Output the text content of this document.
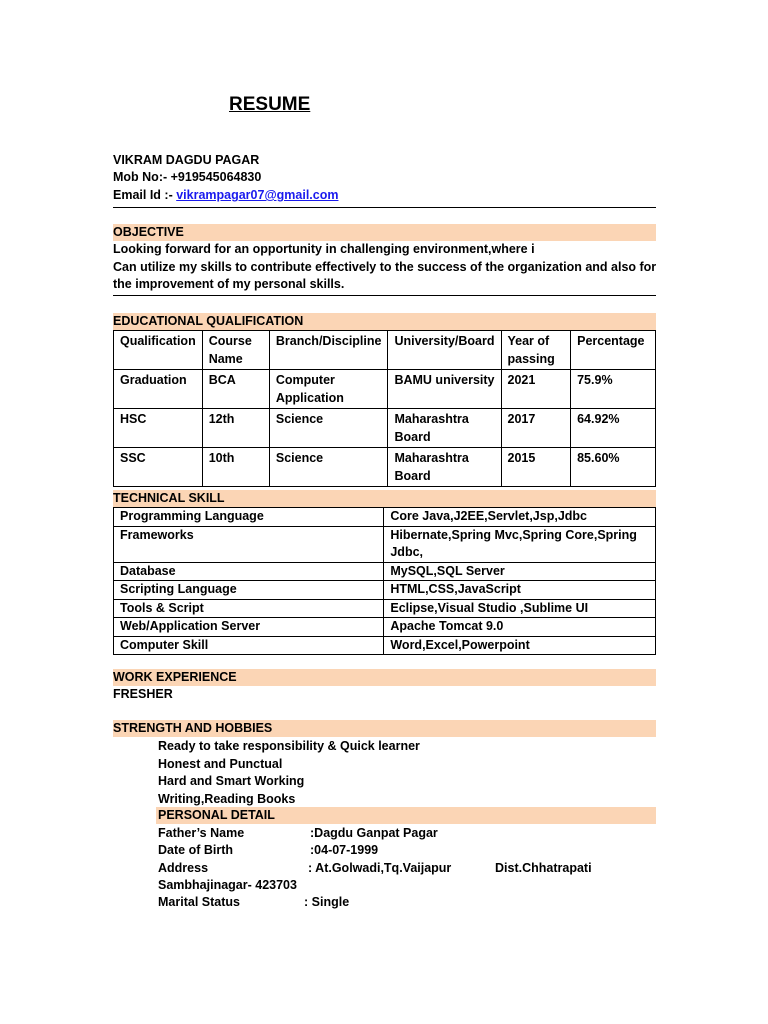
RESUME
VIKRAM DAGDU PAGAR
Mob No:- +919545064830
Email Id :- vikrampagar07@gmail.com
OBJECTIVE
Looking forward for an opportunity in challenging environment,where i
Can utilize my skills to contribute effectively to the success of the organization and also for
the improvement of my personal skills.
EDUCATIONAL QUALIFICATION
Qualification	Course Name	Branch/Discipline	University/Board	Year of passing	Percentage
Graduation	BCA	Computer Application	BAMU university	2021	75.9%
HSC	12th	Science	Maharashtra Board	2017	64.92%
SSC	10th	Science	Maharashtra Board	2015	85.60%
TECHNICAL SKILL
Programming Language	Core Java,J2EE,Servlet,Jsp,Jdbc
Frameworks	Hibernate,Spring Mvc,Spring Core,Spring Jdbc,
Database	MySQL,SQL Server
Scripting Language	HTML,CSS,JavaScript
Tools & Script	Eclipse,Visual Studio ,Sublime UI
Web/Application Server	Apache Tomcat 9.0
Computer Skill	Word,Excel,Powerpoint
WORK EXPERIENCE
FRESHER
STRENGTH AND HOBBIES
Ready to take responsibility & Quick learner
Honest and Punctual
Hard and Smart Working
Writing,Reading Books
PERSONAL DETAIL
Father’s Name	:Dagdu Ganpat Pagar
Date of Birth	:04-07-1999
Address	: At.Golwadi,Tq.Vaijapur	Dist.Chhatrapati
Sambhajinagar- 423703
Marital Status	: Single
